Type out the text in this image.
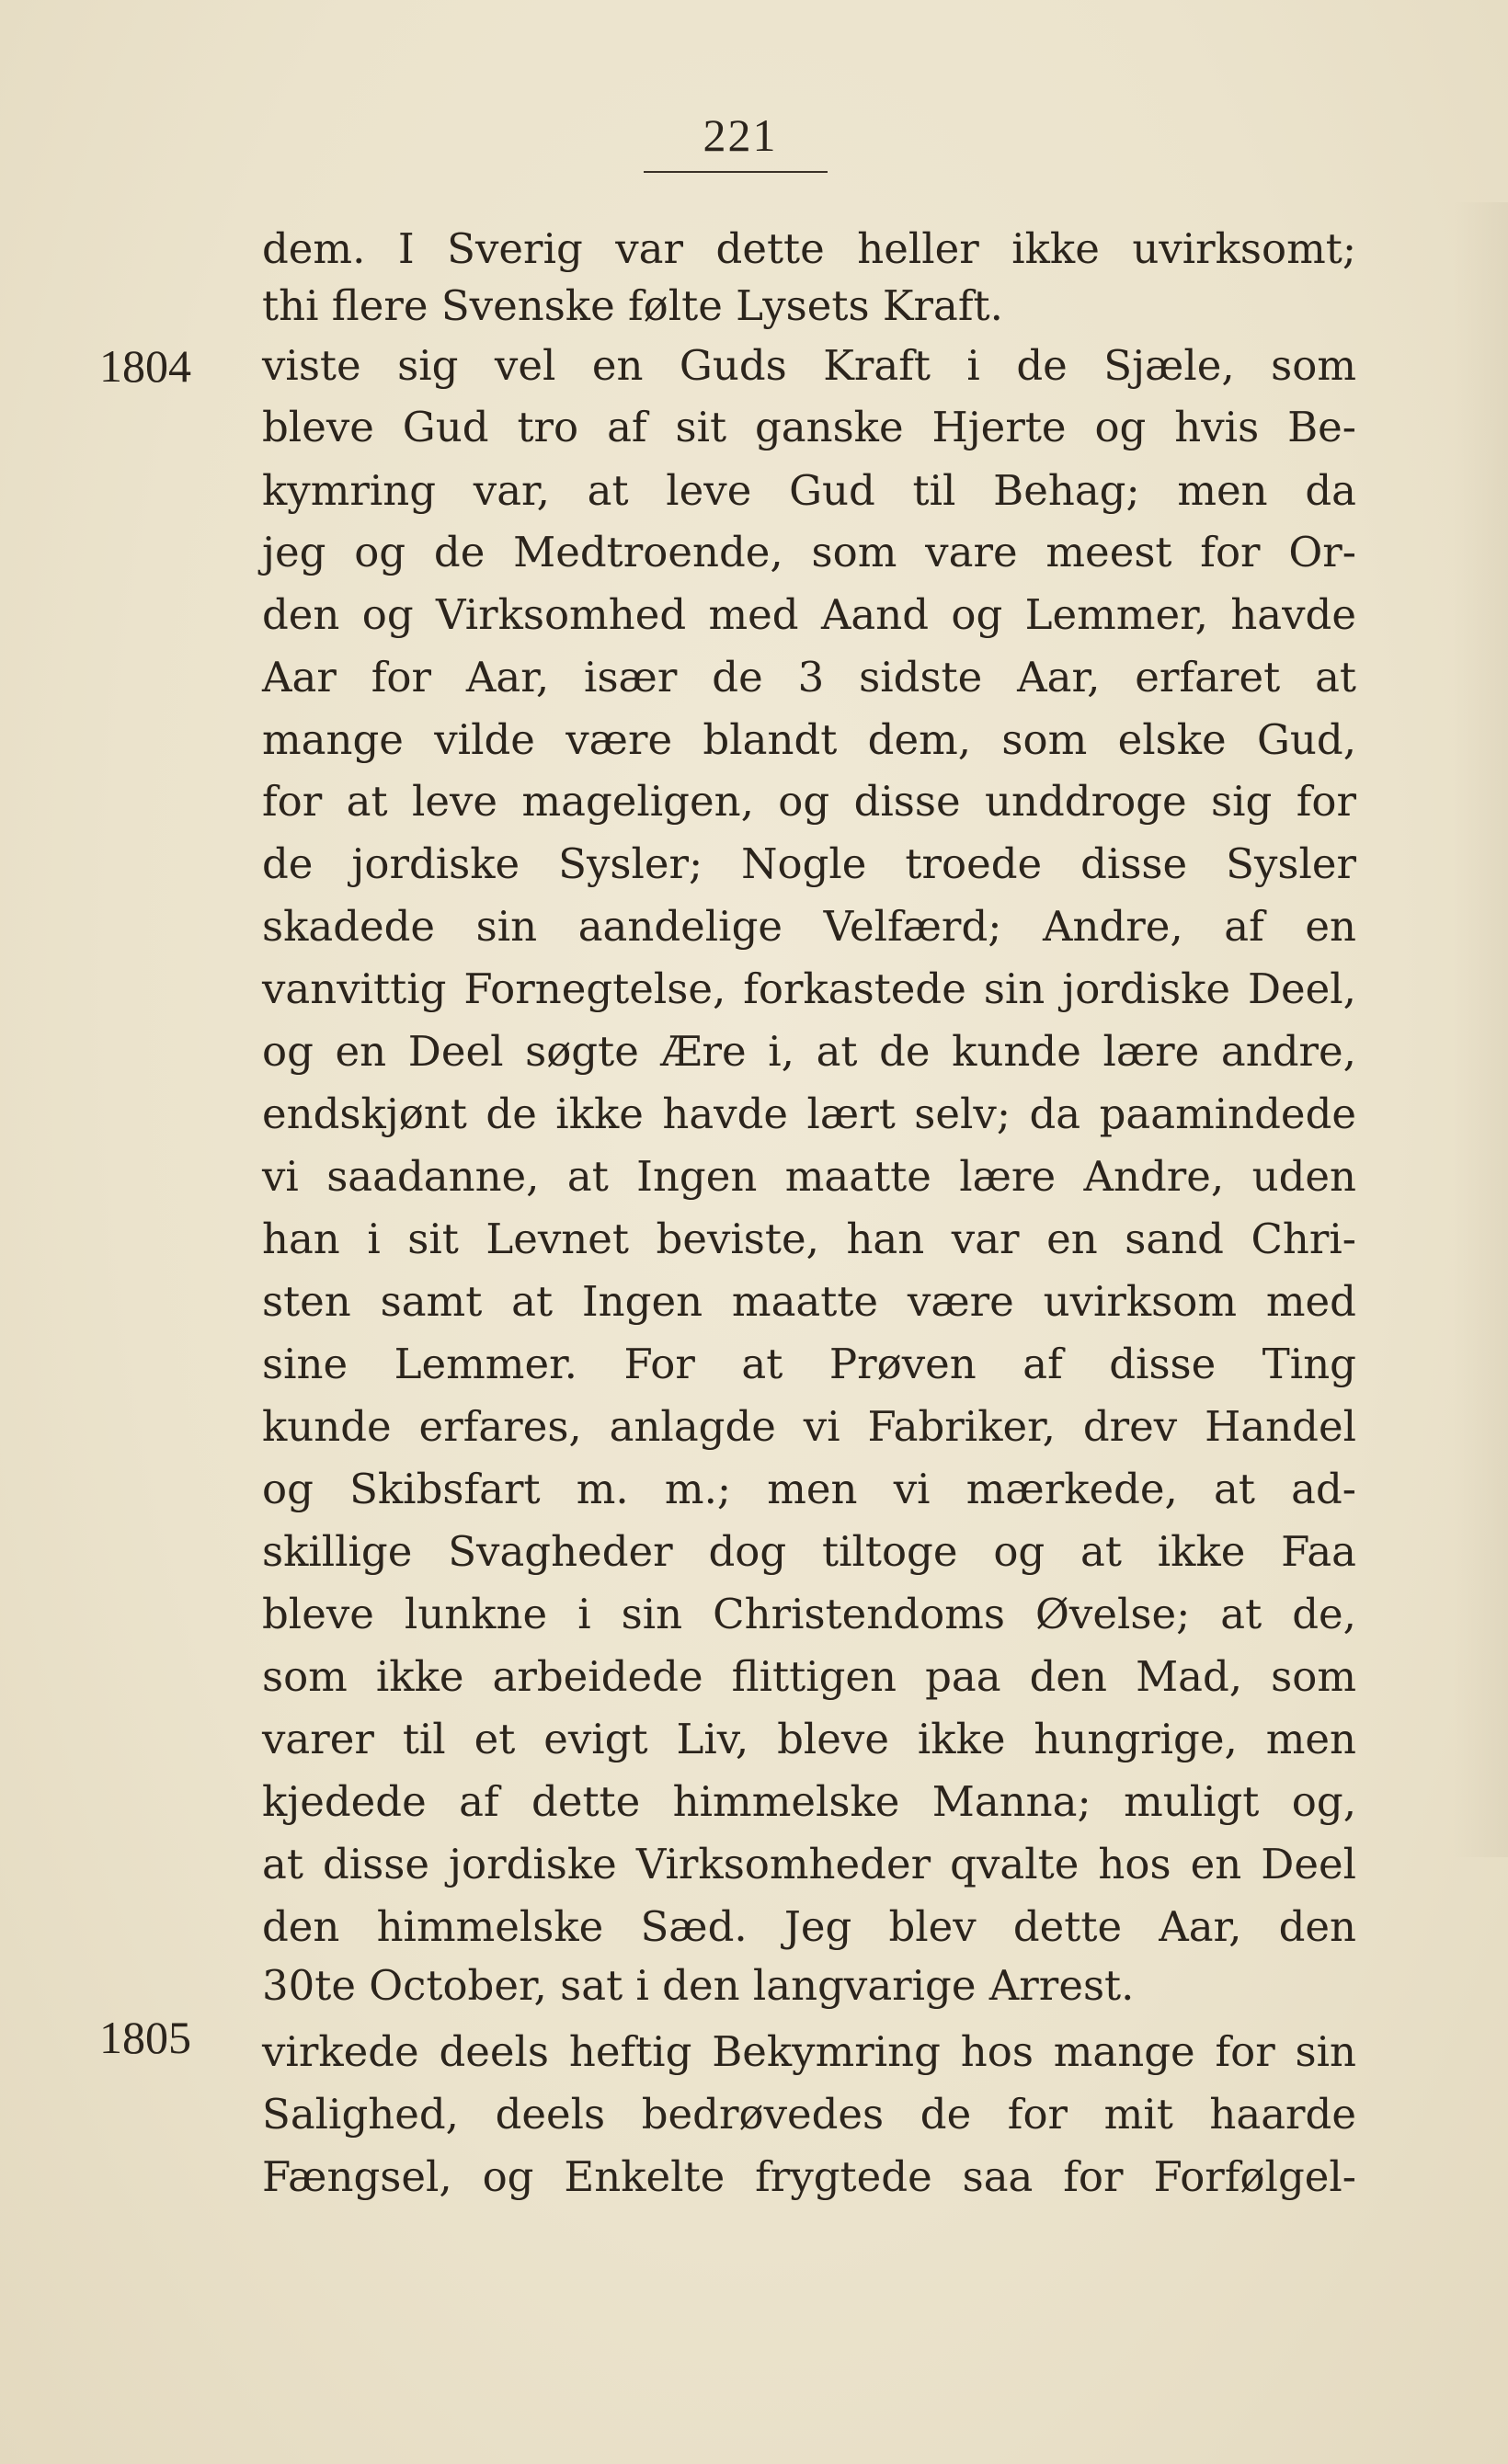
221
1804
1805
dem. I Sverig var dette heller ikke uvirksomt;
thi flere Svenske følte Lysets Kraft.
viste sig vel en Guds Kraft i de Sjæle, som
bleve Gud tro af sit ganske Hjerte og hvis Be-
kymring var, at leve Gud til Behag; men da
jeg og de Medtroende, som vare meest for Or-
den og Virksomhed med Aand og Lemmer, havde
Aar for Aar, især de 3 sidste Aar, erfaret at
mange vilde være blandt dem, som elske Gud,
for at leve mageligen, og disse unddroge sig for
de jordiske Sysler; Nogle troede disse Sysler
skadede sin aandelige Velfærd; Andre, af en
vanvittig Fornegtelse, forkastede sin jordiske Deel,
og en Deel søgte Ære i, at de kunde lære andre,
endskjønt de ikke havde lært selv; da paamindede
vi saadanne, at Ingen maatte lære Andre, uden
han i sit Levnet beviste, han var en sand Chri-
sten samt at Ingen maatte være uvirksom med
sine Lemmer. For at Prøven af disse Ting
kunde erfares, anlagde vi Fabriker, drev Handel
og Skibsfart m. m.; men vi mærkede, at ad-
skillige Svagheder dog tiltoge og at ikke Faa
bleve lunkne i sin Christendoms Øvelse; at de,
som ikke arbeidede flittigen paa den Mad, som
varer til et evigt Liv, bleve ikke hungrige, men
kjedede af dette himmelske Manna; muligt og,
at disse jordiske Virksomheder qvalte hos en Deel
den himmelske Sæd. Jeg blev dette Aar, den
30te October, sat i den langvarige Arrest.
virkede deels heftig Bekymring hos mange for sin
Salighed, deels bedrøvedes de for mit haarde
Fængsel, og Enkelte frygtede saa for Forfølgel-
